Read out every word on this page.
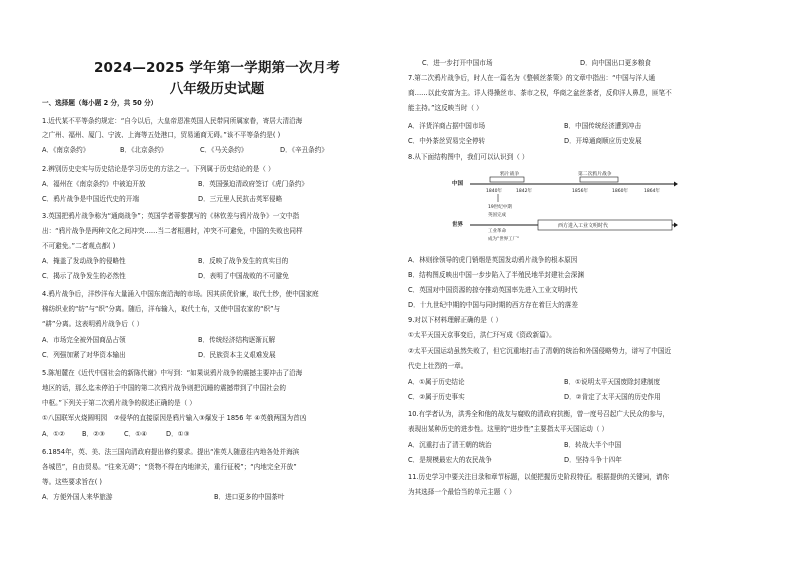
2024—2025 学年第一学期第一次月考
八年级历史试题
一、选择题（每小题 2 分，共 50 分）
1.近代某不平等条约规定：“自今以后，大皇帝恩准英国人民带同所属家眷，寄居大清沿海
之广州、福州、厦门、宁波、上海等五处港口，贸易通商无碍。”该不平等条约是( )
A．《南京条约》	B．《北京条约》	C．《马关条约》	D．《辛丑条约》
2.辨别历史史实与历史结论是学习历史的方法之一。下列属于历史结论的是（ ）
A．福州在《南京条约》中被迫开放	B．英国强迫清政府签订《虎门条约》
C．鸦片战争是中国近代史的开端	D．三元里人民抗击英军侵略
3.英国把鸦片战争称为“通商战争”；英国学者蒂黎撰写的《林钦差与鸦片战争》一文中指
出：“鸦片战争是两种文化之间冲突……当二者相遇时，冲突不可避免，中国的失败也同样
不可避免。”二者观点都( )
A．掩盖了发动战争的侵略性	B．反映了战争发生的真实目的
C．揭示了战争发生的必然性	D．表明了中国战败的不可避免
4.鸦片战争后，洋纱洋布大量涌入中国东南沿海的市场。因其质优价廉，取代土纱，使中国家庭
棉纺织业的“纺”与“织”分离。随后，洋布输入，取代土布，又使中国农家的“织”与
“耕”分离。这表明鸦片战争后（ ）
A．市场完全被外国商品占领	B．传统经济结构逐渐瓦解
C．列强加紧了对华资本输出	D．民族资本主义艰难发展
5.陈旭麓在《近代中国社会的新陈代谢》中写到：“如果说鸦片战争的震撼主要冲击了沿海
地区的话，那么迄未停泊于中国的第二次鸦片战争则把沉睡的震撼带到了中国社会的
中枢。”下列关于第二次鸦片战争的叙述正确的是（ ）
①八国联军火烧圆明园　②侵华的直接原因是鸦片输入③爆发于 1856 年 ④英俄两国为首凶
A．①②	B．②③	C．①④	D．①③
6.1854年，英、美、法三国向清政府提出修约要求。提出“准英人随意往内地各处并海滨
各城邑”，自由贸易。“往来无碍”；“货物不得在内地津关，重行征税”；“内地完全开放”
等。这些要求旨在( )
A．方便外国人来华旅游	B．进口更多的中国茶叶
C．进一步打开中国市场	D．向中国出口更多粮食
7.第二次鸦片战争后，时人在一篇名为《整顿丝茶策》的文章中指出：“中国与洋人通
商……以此安富为主。详人得操丝市、茶市之权，华商之盆丝茶者，反仰洋人鼻息，匪笔不
能主持。”这反映当时（ ）
A．洋货洋商占据中国市场	B．中国传统经济遭到冲击
C．中外茶丝贸易完全停转	D．开埠通商顺应历史发展
8.从下面结构图中，我们可以认识到（ ）
中国
鸦片战争	第二次鸦片战争
1840年	1842年	1856年	1860年	1864年
世界
19世纪中期
英国完成
工业革命
成为"世界工厂"
西方进入工业文明时代
A．林则徐领导的虎门销烟是英国发动鸦片战争的根本原因
B．结构图反映出中国一步步陷入了半殖民地半封建社会深渊
C．英国对中国资源的掠夺推动英国率先进入工业文明时代
D．十九世纪中期的中国与同时期的西方存在着巨大的落差
9.对以下材料理解正确的是（ ）
①太平天国天京事变后，洪仁玕写成《资政新篇》。
②太平天国运动虽然失败了，但它沉重地打击了清朝的统治和外国侵略势力，谱写了中国近
代史上壮烈的一章。
A．①属于历史结论	B．①说明太平天国废除封建制度
C．②属于历史事实	D．②肯定了太平天国的历史作用
10.有学者认为，洪秀全和他的战友与腐败的清政府抗衡，曾一度号召起广大民众的参与，
表现出某种历史的进步性。这里的“进步性”主要指太平天国运动（ ）
A．沉重打击了清王朝的统治	B．转战大半个中国
C．是规模最宏大的农民战争	D．坚持斗争十四年
11.历史学习中要关注目录和章节标题，以便把握历史阶段特征。根据提供的关键词，请你
为其选择一个最恰当的单元主题（ ）
